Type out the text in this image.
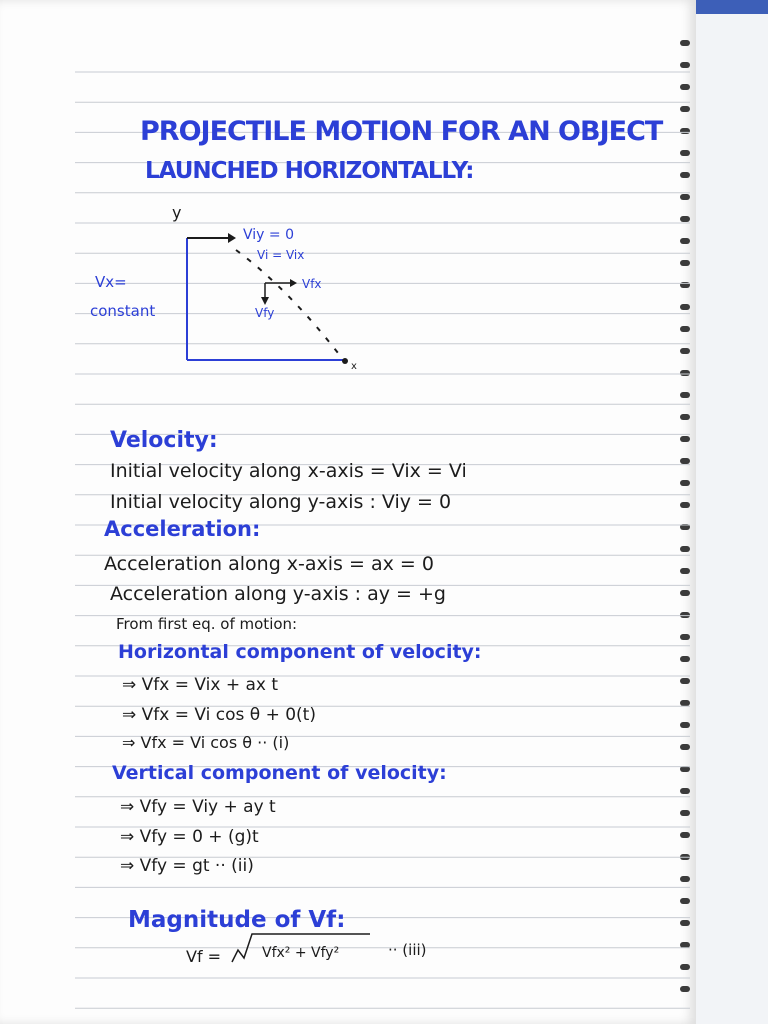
PROJECTILE MOTION FOR AN OBJECT
LAUNCHED HORIZONTALLY:
y
x
Viy = 0
Vi = Vix
Vfx
Vfy
Vx=
constant
Velocity:
Initial velocity along x-axis = Vix = Vi
Initial velocity along y-axis : Viy = 0
Acceleration:
Acceleration along x-axis = ax = 0
Acceleration along y-axis : ay = +g
From first eq. of motion:
Horizontal component of velocity:
⇒ Vfx = Vix + ax t
⇒ Vfx = Vi cos θ + 0(t)
⇒ Vfx = Vi cos θ ·· (i)
Vertical component of velocity:
⇒ Vfy = Viy + ay t
⇒ Vfy = 0 + (g)t
⇒ Vfy = gt ·· (ii)
Magnitude of Vf:
Vf =	Vfx² + Vfy²	·· (iii)
